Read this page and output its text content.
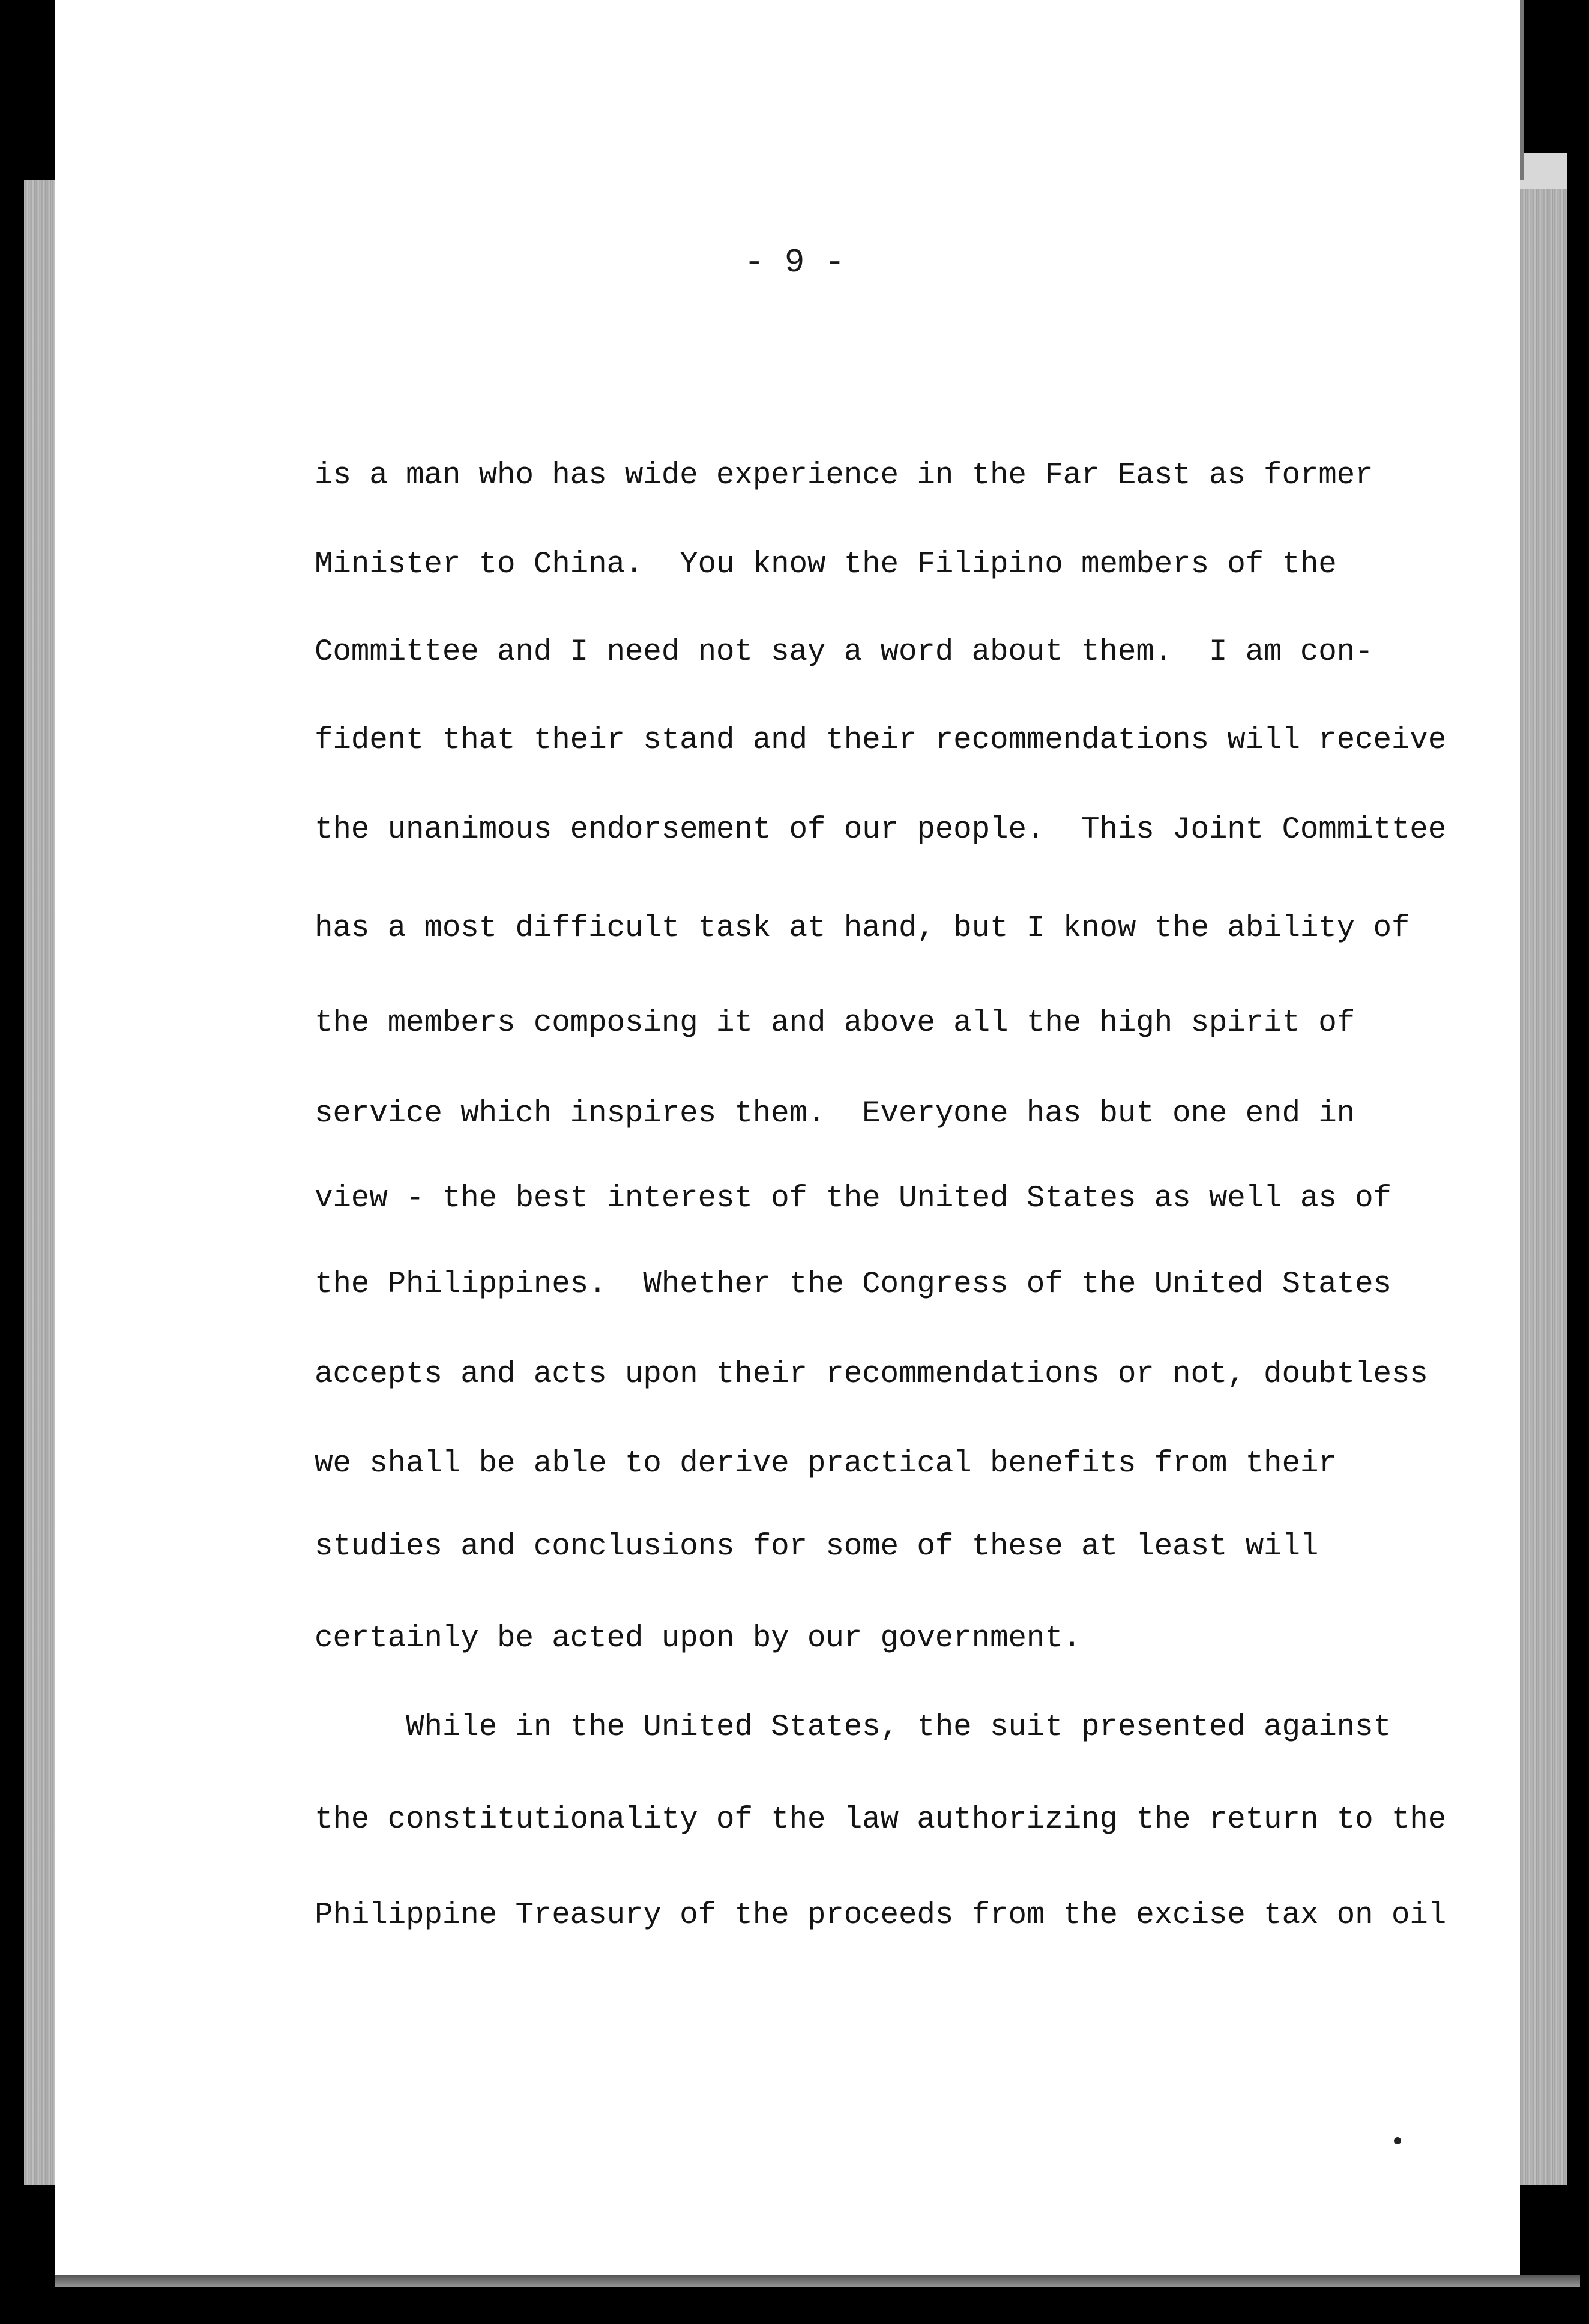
- 9 -
is a man who has wide experience in the Far East as former
Minister to China.  You know the Filipino members of the
Committee and I need not say a word about them.  I am con-
fident that their stand and their recommendations will receive
the unanimous endorsement of our people.  This Joint Committee
has a most difficult task at hand, but I know the ability of
the members composing it and above all the high spirit of
service which inspires them.  Everyone has but one end in
view - the best interest of the United States as well as of
the Philippines.  Whether the Congress of the United States
accepts and acts upon their recommendations or not, doubtless
we shall be able to derive practical benefits from their
studies and conclusions for some of these at least will
certainly be acted upon by our government.
While in the United States, the suit presented against
the constitutionality of the law authorizing the return to the
Philippine Treasury of the proceeds from the excise tax on oil
